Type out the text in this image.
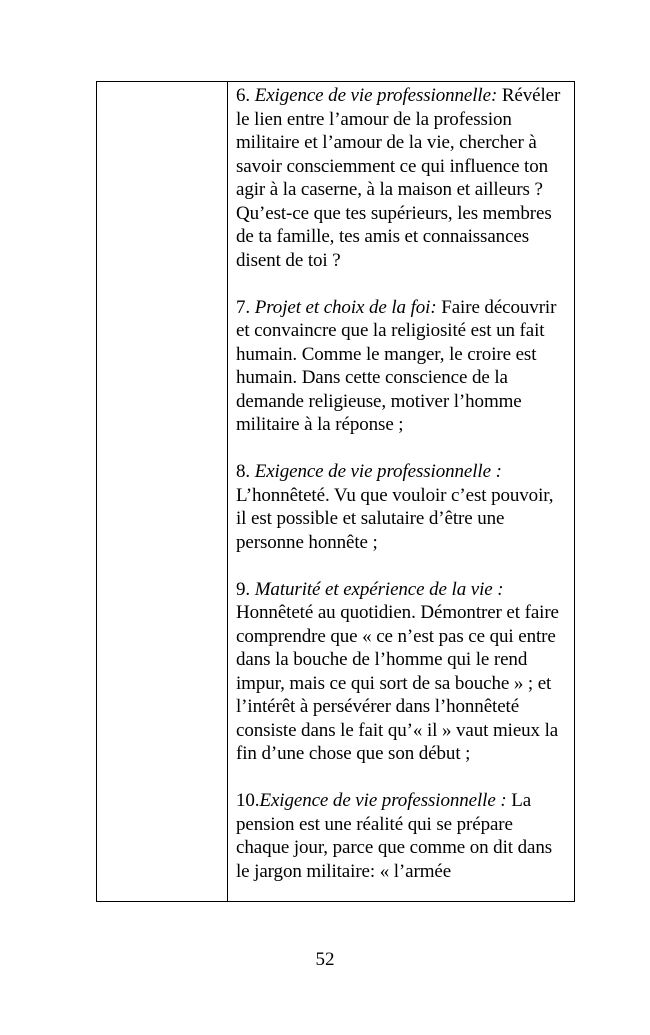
6. Exigence de vie professionnelle: Révéler le lien entre l’amour de la profession militaire et l’amour de la vie, chercher à savoir consciemment ce qui influence ton agir à la caserne, à la maison et ailleurs ? Qu’est-ce que tes supérieurs, les membres de ta famille, tes amis et connaissances disent de toi ?

7. Projet et choix de la foi: Faire découvrir et convaincre que la religiosité est un fait humain. Comme le manger, le croire est humain. Dans cette conscience de la demande religieuse, motiver l’homme militaire à la réponse ;

8. Exigence de vie professionnelle : L’honnêteté. Vu que vouloir c’est pouvoir, il est possible et salutaire d’être une personne honnête ;

9. Maturité et expérience de la vie : Honnêteté au quotidien. Démontrer et faire comprendre que « ce n’est pas ce qui entre dans la bouche de l’homme qui le rend impur, mais ce qui sort de sa bouche » ; et l’intérêt à persévérer dans l’honnêteté consiste dans le fait qu’« il » vaut mieux la fin d’une chose que son début ;

10.Exigence de vie professionnelle : La pension est une réalité qui se prépare chaque jour, parce que comme on dit dans le jargon militaire: « l’armée

52
